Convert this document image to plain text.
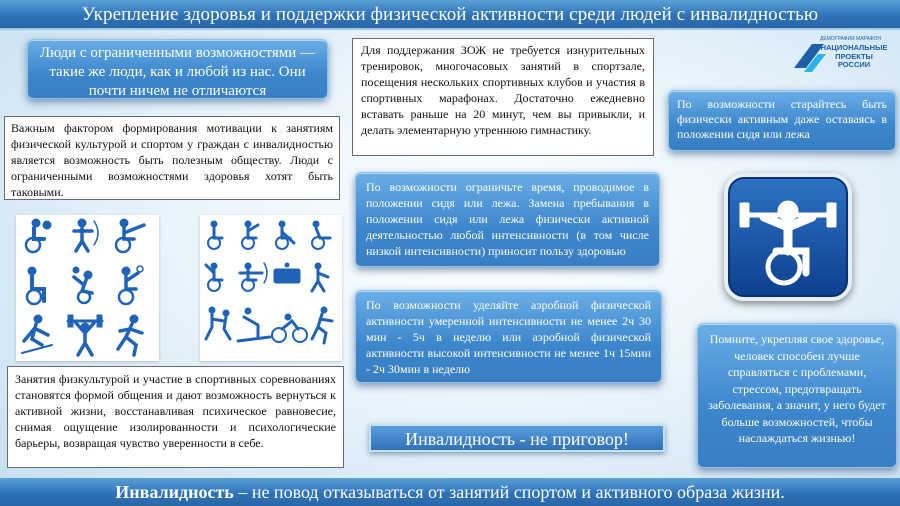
Укрепление здоровья и поддержки физической активности среди людей с инвалидностью
Люди с ограниченными возможностями — такие же люди, как и любой из нас. Они почти ничем не отличаются
Важным фактором формирования мотивации к занятиям физической культурой и спортом у граждан с инвалидностью является возможность быть полезным обществу. Люди с ограниченными возможностями здоровья хотят быть таковыми.
Для поддержания ЗОЖ не требуется изнурительных тренировок, многочасовых занятий в спортзале, посещения нескольких спортивных клубов и участия в спортивных марафонах. Достаточно ежедневно вставать раньше на 20 минут, чем вы привыкли, и делать элементарную утреннюю гимнастику.
ДЕМОГРАФИЯ МАРАФОН
НАЦИОНАЛЬНЫЕ ПРОЕКТЫ РОССИИ
По возможности старайтесь быть физически активным даже оставаясь в положении сидя или лежа
По возможности ограничьте время, проводимое в положении сидя или лежа. Замена пребывания в положении сидя или лежа физически активной деятельностью любой интенсивности (в том числе низкой интенсивности) приносит пользу здоровью
По возможности уделяйте аэробной физической активности умеренной интенсивности не менее 2ч 30 мин - 5ч в неделю или аэробной физической активности высокой интенсивности не менее 1ч 15мин - 2ч 30мин в неделю
Помните, укрепляя свое здоровье, человек способен лучше справляться с проблемами, стрессом, предотвращать заболевания, а значит, у него будет больше возможностей, чтобы наслаждаться жизнью!
Занятия физкультурой и участие в спортивных соревнованиях становятся формой общения и дают возможность вернуться к активной жизни, восстанавливая психическое равновесие, снимая ощущение изолированности и психологические барьеры, возвращая чувство уверенности в себе.	Инвалидность - не приговор!
Инвалидность – не повод отказываться от занятий спортом и активного образа жизни.
